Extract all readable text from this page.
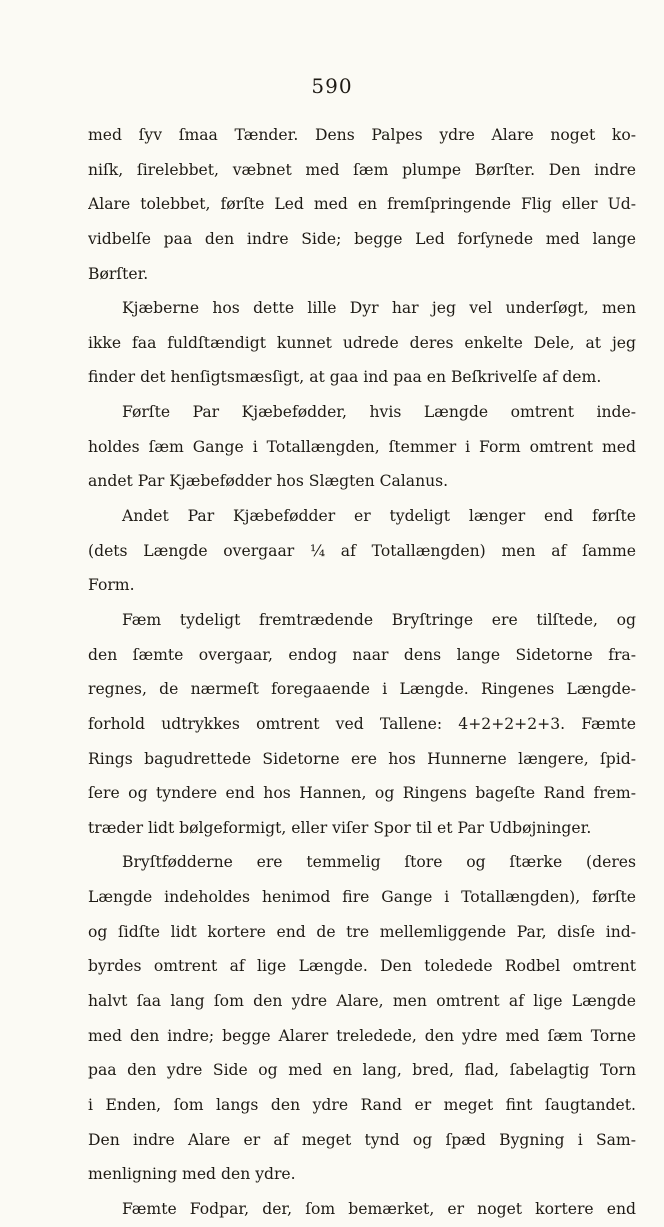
590
med ſyv ſmaa Tænder. Dens Palpes ydre Alare noget ko-
niſk, ſirelebbet, væbnet med ſæm plumpe Børſter. Den indre
Alare tolebbet, førſte Led med en fremſpringende Flig eller Ud-
vidbelſe paa den indre Side; begge Led forſynede med lange
Børſter.
Kjæberne hos dette lille Dyr har jeg vel underſøgt, men
ikke faa fuldſtændigt kunnet udrede deres enkelte Dele, at jeg
finder det henſigtsmæsſigt, at gaa ind paa en Beſkrivelſe af dem.
Førſte Par Kjæbefødder, hvis Længde omtrent inde-
holdes ſæm Gange i Totallængden, ſtemmer i Form omtrent med
andet Par Kjæbefødder hos Slægten Calanus.
Andet Par Kjæbefødder er tydeligt længer end førſte
(dets Længde overgaar ¼ af Totallængden) men af ſamme
Form.
Fæm tydeligt fremtrædende Bryſtringe ere tilſtede, og
den ſæmte overgaar, endog naar dens lange Sidetorne fra-
regnes, de nærmeſt foregaaende i Længde. Ringenes Længde-
forhold udtrykkes omtrent ved Tallene: 4+2+2+2+3. Fæmte
Rings bagudrettede Sidetorne ere hos Hunnerne længere, ſpid-
ſere og tyndere end hos Hannen, og Ringens bageſte Rand frem-
træder lidt bølgeformigt, eller viſer Spor til et Par Udbøjninger.
Bryſtfødderne ere temmelig ſtore og ſtærke (deres
Længde indeholdes henimod fire Gange i Totallængden), førſte
og ſidſte lidt kortere end de tre mellemliggende Par, disſe ind-
byrdes omtrent af lige Længde. Den toledede Rodbel omtrent
halvt ſaa lang ſom den ydre Alare, men omtrent af lige Længde
med den indre; begge Alarer treledede, den ydre med ſæm Torne
paa den ydre Side og med en lang, bred, flad, ſabelagtig Torn
i Enden, ſom langs den ydre Rand er meget fint ſaugtandet.
Den indre Alare er af meget tynd og ſpæd Bygning i Sam-
menligning med den ydre.
Fæmte Fodpar, der, ſom bemærket, er noget kortere end
